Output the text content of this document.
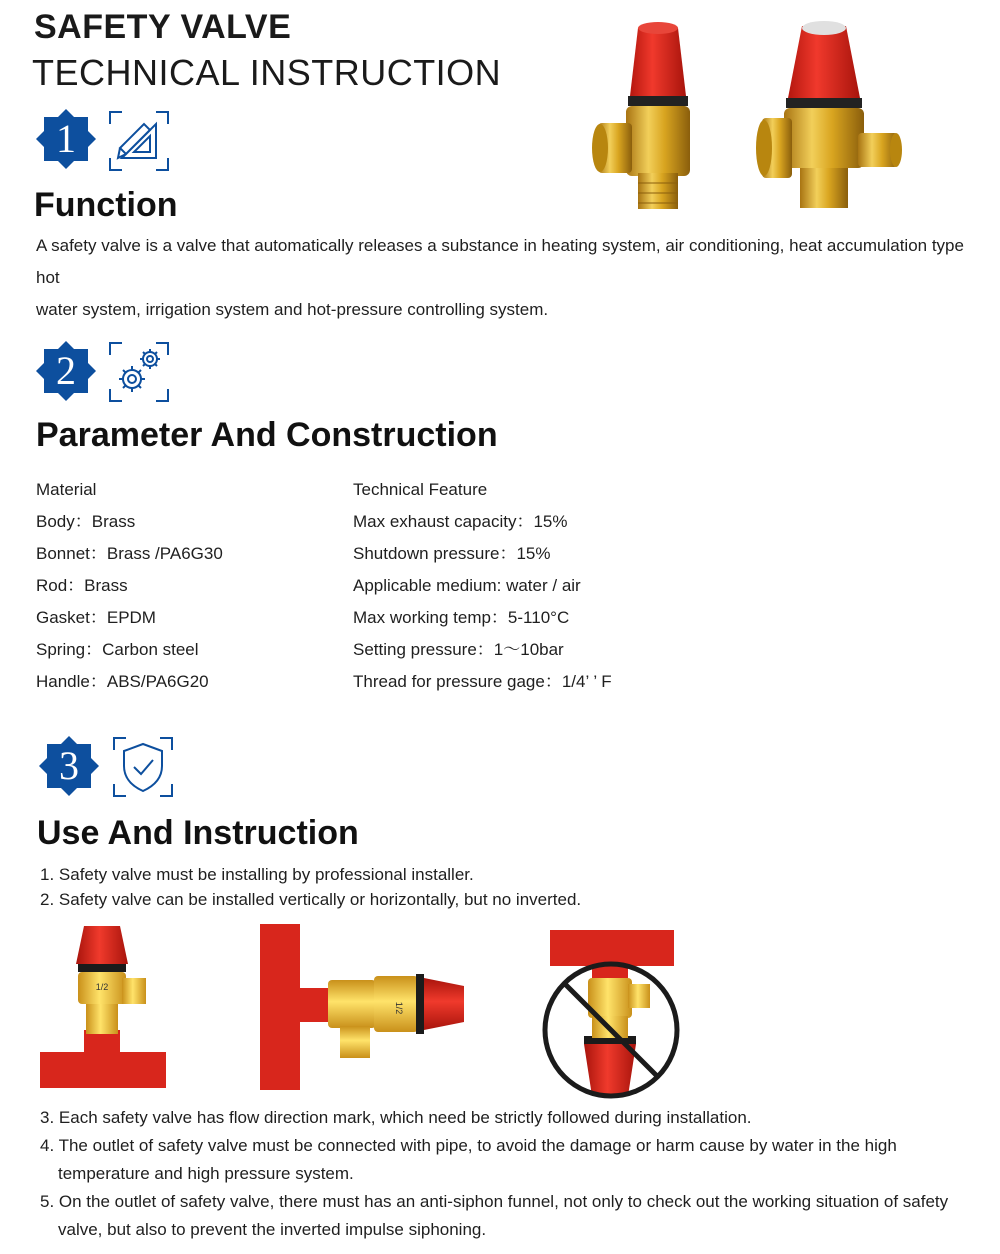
SAFETY VALVE
TECHNICAL INSTRUCTION
1
Function
A safety valve is a valve that automatically releases a substance in heating system, air conditioning, heat accumulation type hot
water system, irrigation system and hot-pressure controlling system.
2
Parameter And Construction
Material
Body：Brass
Bonnet：Brass /PA6G30
Rod：Brass
Gasket：EPDM
Spring：Carbon steel
Handle：ABS/PA6G20
Technical Feature
Max exhaust capacity：15%
Shutdown pressure：15%
Applicable medium: water / air
Max working temp：5-110°C
Setting pressure：1～10bar
Thread for pressure gage：1/4’ ’ F
3
Use And Instruction
1. Safety valve must be installing by professional installer.
2. Safety valve can be installed vertically or horizontally, but no inverted.
1/2
1/2
3. Each safety valve has flow direction mark, which need be strictly followed during installation.
4. The outlet of safety valve must be connected with pipe, to avoid the damage or harm cause by water in the high
temperature and high pressure system.
5. On the outlet of safety valve, there must has an anti-siphon funnel, not only to check out the working situation of safety
valve, but also to prevent the inverted impulse siphoning.
